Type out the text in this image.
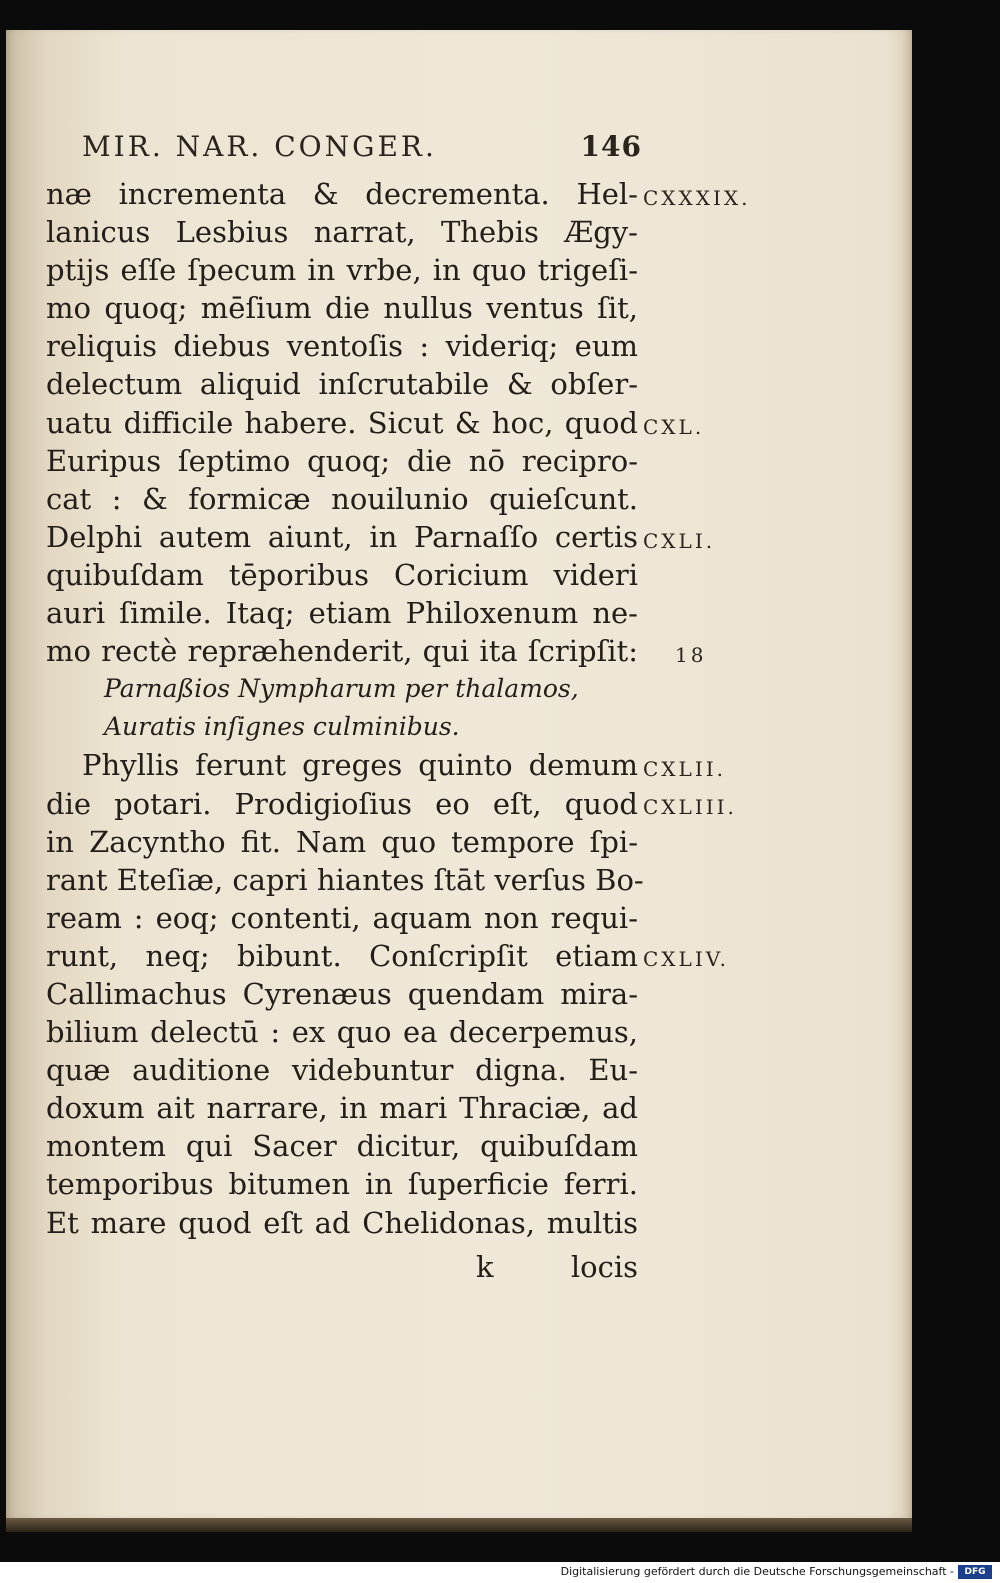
MIR. NAR. CONGER.	146
næ incrementa & decrementa. Hel-
lanicus Lesbius narrat, Thebis Ægy-
ptijs eſſe ſpecum in vrbe, in quo trigeſi-
mo quoq; mēſium die nullus ventus ſit,
reliquis diebus ventoſis : videriq; eum
delectum aliquid inſcrutabile & obſer-
uatu difficile habere. Sicut & hoc, quod
Euripus ſeptimo quoq; die nō recipro-
cat : & formicæ nouilunio quieſcunt.
Delphi autem aiunt, in Parnaſſo certis
quibuſdam tēporibus Coricium videri
auri ſimile. Itaq; etiam Philoxenum ne-
mo rectè repræhenderit, qui ita ſcripſit:
Parnaßios Nympharum per thalamos,
Auratis inſignes culminibus.
Phyllis ferunt greges quinto demum
die potari. Prodigioſius eo eſt, quod
in Zacyntho fit. Nam quo tempore ſpi-
rant Eteſiæ, capri hiantes ſtāt verſus Bo-
ream : eoq; contenti, aquam non requi-
runt, neq; bibunt. Conſcripſit etiam
Callimachus Cyrenæus quendam mira-
bilium delectū : ex quo ea decerpemus,
quæ auditione videbuntur digna. Eu-
doxum ait narrare, in mari Thraciæ, ad
montem qui Sacer dicitur, quibuſdam
temporibus bitumen in ſuperficie ferri.
Et mare quod eſt ad Chelidonas, multis
CXXXIX.
CXL.
CXLI.
18
CXLII.
CXLIII.
CXLIV.
k	locis
Digitalisierung gefördert durch die Deutsche Forschungsgemeinschaft -	DFG
